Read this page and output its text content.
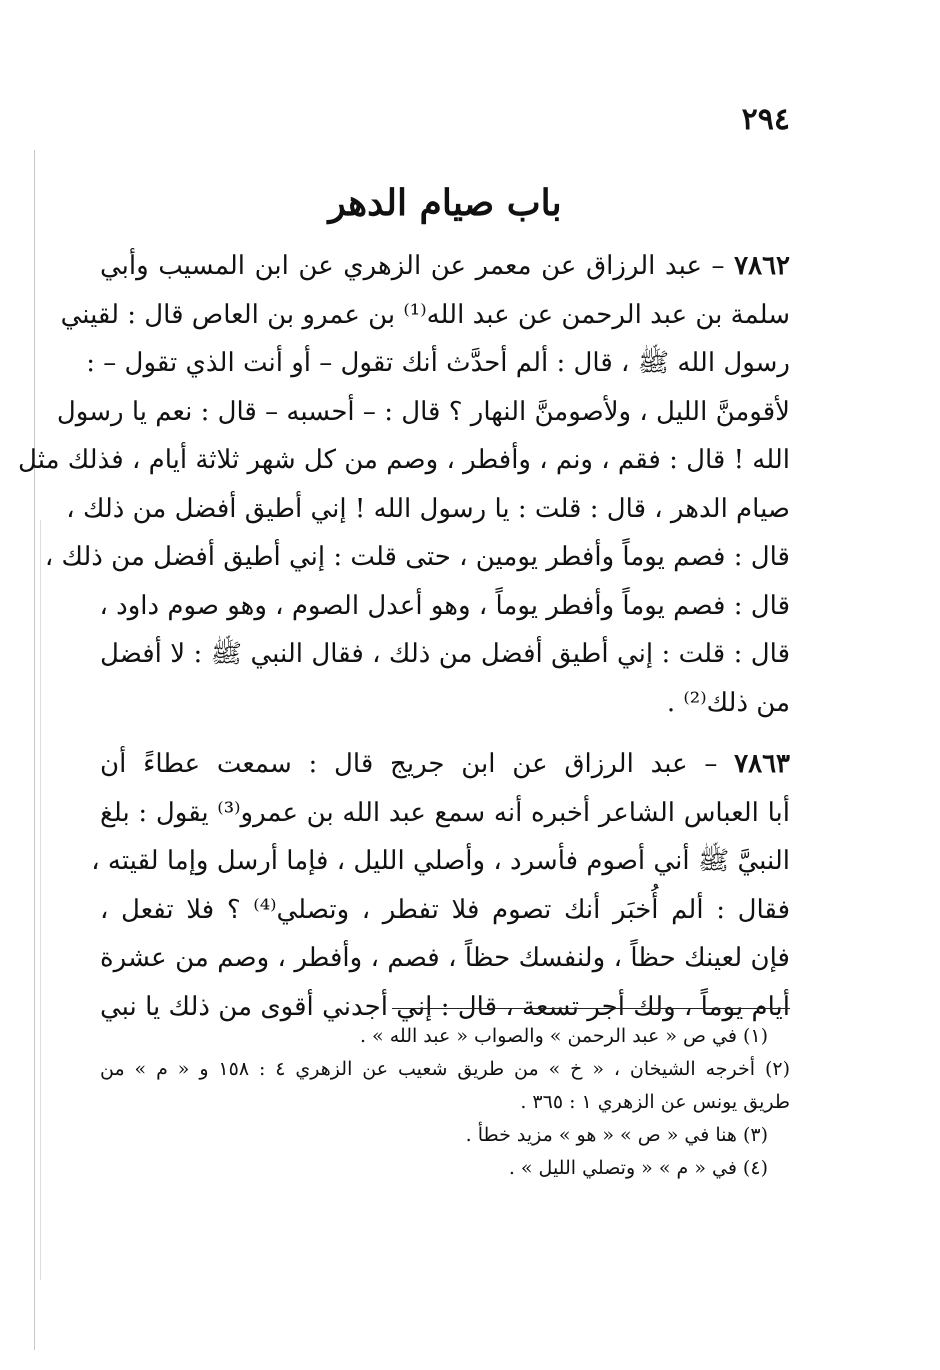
٢٩٤
باب صيام الدهر
٧٨٦٢ – عبد الرزاق عن معمر عن الزهري عن ابن المسيب وأبي
سلمة بن عبد الرحمن عن عبد الله⁽¹⁾ بن عمرو بن العاص قال : لقيني
رسول الله ﷺ ، قال : ألم أحدَّث أنك تقول – أو أنت الذي تقول – :
لأقومنَّ الليل ، ولأصومنَّ النهار ؟ قال : – أحسبه – قال : نعم يا رسول
الله ! قال : فقم ، ونم ، وأفطر ، وصم من كل شهر ثلاثة أيام ، فذلك مثل
صيام الدهر ، قال : قلت : يا رسول الله ! إني أطيق أفضل من ذلك ،
قال : فصم يوماً وأفطر يومين ، حتى قلت : إني أطيق أفضل من ذلك ،
قال : فصم يوماً وأفطر يوماً ، وهو أعدل الصوم ، وهو صوم داود ،
قال : قلت : إني أطيق أفضل من ذلك ، فقال النبي ﷺ : لا أفضل
من ذلك⁽²⁾ .
٧٨٦٣ – عبد الرزاق عن ابن جريج قال : سمعت عطاءً أن
أبا العباس الشاعر أخبره أنه سمع عبد الله بن عمرو⁽³⁾ يقول : بلغ
النبيَّ ﷺ أني أصوم فأسرد ، وأصلي الليل ، فإما أرسل وإما لقيته ،
فقال : ألم أُخبَر أنك تصوم فلا تفطر ، وتصلي⁽⁴⁾ ؟ فلا تفعل ،
فإن لعينك حظاً ، ولنفسك حظاً ، فصم ، وأفطر ، وصم من عشرة
أيام يوماً ، ولك أجر تسعة ، قال : إني أجدني أقوى من ذلك يا نبي
(١) في ص « عبد الرحمن » والصواب « عبد الله » .
(٢) أخرجه الشيخان ، « خ » من طريق شعيب عن الزهري ٤ : ١٥٨ و « م » من
طريق يونس عن الزهري ١ : ٣٦٥ .
(٣) هنا في « ص » « هو » مزيد خطأ .
(٤) في « م » « وتصلي الليل » .
